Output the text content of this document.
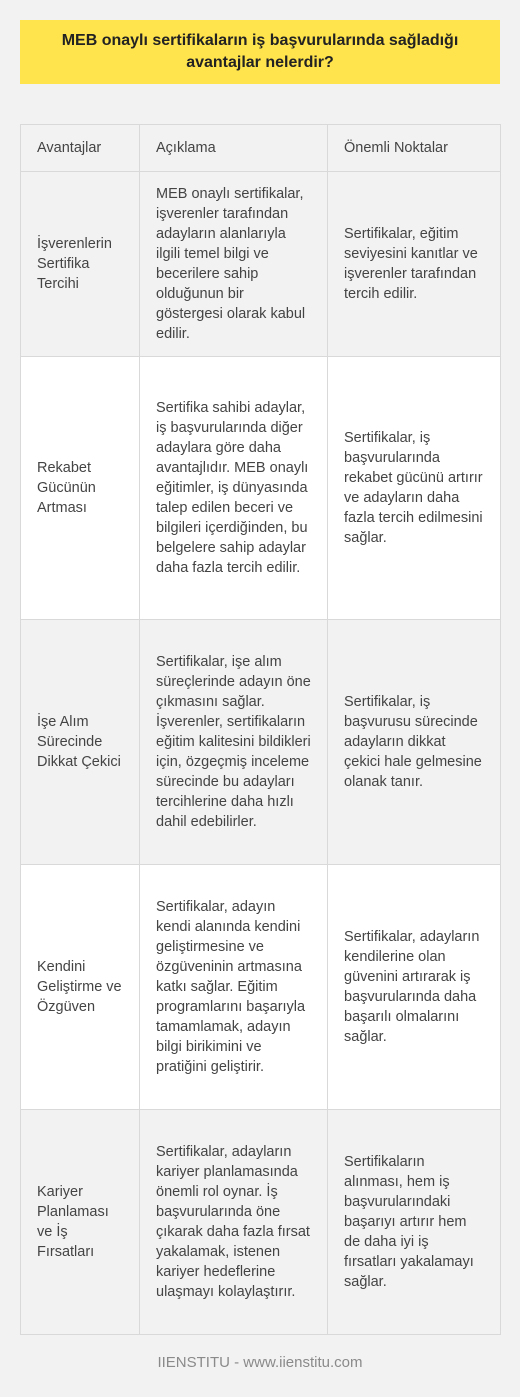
MEB onaylı sertifikaların iş başvurularında sağladığı avantajlar nelerdir?
Avantajlar	Açıklama	Önemli Noktalar
İşverenlerin Sertifika Tercihi	MEB onaylı sertifikalar, işverenler tarafından adayların alanlarıyla ilgili temel bilgi ve becerilere sahip olduğunun bir göstergesi olarak kabul edilir.	Sertifikalar, eğitim seviyesini kanıtlar ve işverenler tarafından tercih edilir.
Rekabet Gücünün Artması	Sertifika sahibi adaylar, iş başvurularında diğer adaylara göre daha avantajlıdır. MEB onaylı eğitimler, iş dünyasında talep edilen beceri ve bilgileri içerdiğinden, bu belgelere sahip adaylar daha fazla tercih edilir.	Sertifikalar, iş başvurularında rekabet gücünü artırır ve adayların daha fazla tercih edilmesini sağlar.
İşe Alım Sürecinde Dikkat Çekici	Sertifikalar, işe alım süreçlerinde adayın öne çıkmasını sağlar. İşverenler, sertifikaların eğitim kalitesini bildikleri için, özgeçmiş inceleme sürecinde bu adayları tercihlerine daha hızlı dahil edebilirler.	Sertifikalar, iş başvurusu sürecinde adayların dikkat çekici hale gelmesine olanak tanır.
Kendini Geliştirme ve Özgüven	Sertifikalar, adayın kendi alanında kendini geliştirmesine ve özgüveninin artmasına katkı sağlar. Eğitim programlarını başarıyla tamamlamak, adayın bilgi birikimini ve pratiğini geliştirir.	Sertifikalar, adayların kendilerine olan güvenini artırarak iş başvurularında daha başarılı olmalarını sağlar.
Kariyer Planlaması ve İş Fırsatları	Sertifikalar, adayların kariyer planlamasında önemli rol oynar. İş başvurularında öne çıkarak daha fazla fırsat yakalamak, istenen kariyer hedeflerine ulaşmayı kolaylaştırır.	Sertifikaların alınması, hem iş başvurularındaki başarıyı artırır hem de daha iyi iş fırsatları yakalamayı sağlar.
IIENSTITU - www.iienstitu.com
